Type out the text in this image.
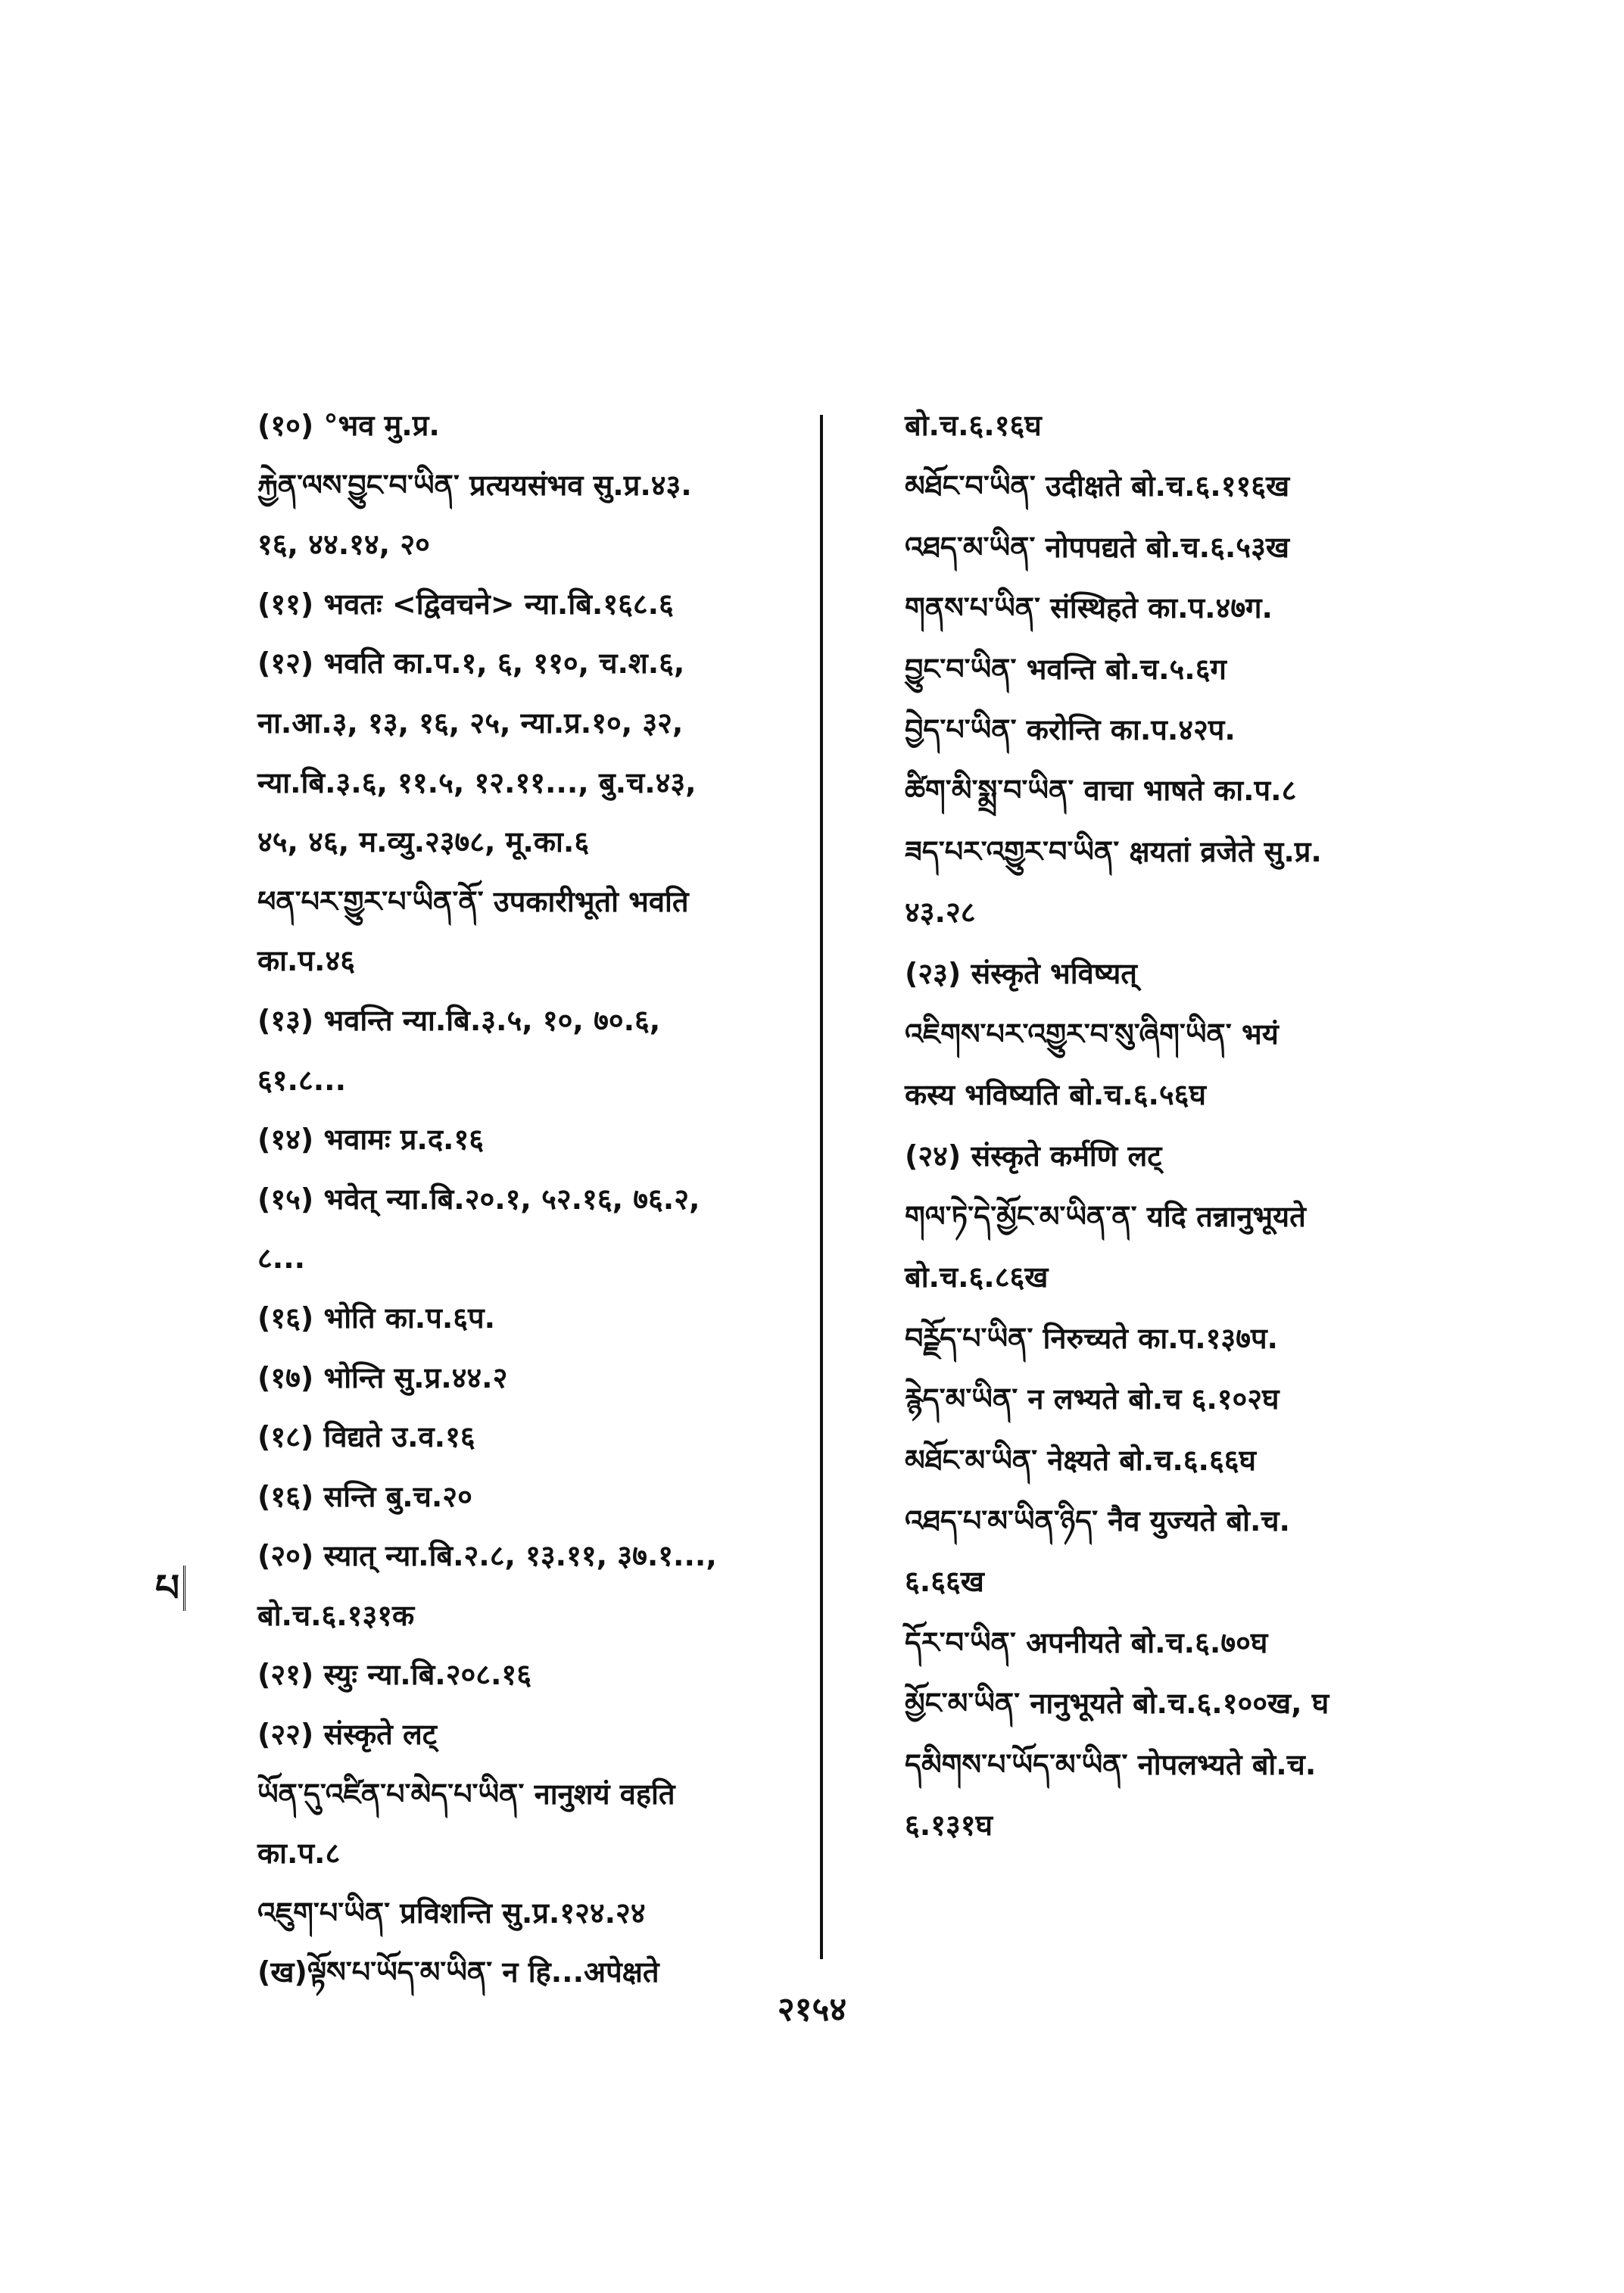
(१०) °भव मु.प्र.
རྐྱེན་ལས་བྱུང་བ་ཡིན་ प्रत्ययसंभव सु.प्र.४३.
१६, ४४.१४, २०
(११) भवतः <द्विवचने> न्या.बि.१६८.६
(१२) भवति का.प.१, ६, ११०, च.श.६,
ना.आ.३, १३, १६, २५, न्या.प्र.१०, ३२,
न्या.बि.३.६, ११.५, १२.११..., बु.च.४३,
४५, ४६, म.व्यु.२३७८, मू.का.६
ཕན་པར་གྱུར་པ་ཡིན་ནོ་ उपकारीभूतो भवति
का.प.४६
(१३) भवन्ति न्या.बि.३.५, १०, ७०.६,
६१.८...
(१४) भवामः प्र.द.१६
(१५) भवेत् न्या.बि.२०.१, ५२.१६, ७६.२,
८...
(१६) भोति का.प.६प.
(१७) भोन्ति सु.प्र.४४.२
(१८) विद्यते उ.व.१६
(१६) सन्ति बु.च.२०
(२०) स्यात् न्या.बि.२.८, १३.११, ३७.१...,
बो.च.६.१३१क
(२१) स्युः न्या.बि.२०८.१६
(२२) संस्कृते लट्
ཡོན་དུ་འཛིན་པ་མེད་པ་ཡིན་ नानुशयं वहति
का.प.८
འཇུག་པ་ཡིན་ प्रविशन्ति सु.प्र.१२४.२४
(ख)ལྟོས་པ་ཡོད་མ་ཡིན་ न हि...अपेक्षते
बो.च.६.१६घ
མཐོང་བ་ཡིན་ उदीक्षते बो.च.६.११६ख
འཐད་མ་ཡིན་ नोपपद्यते बो.च.६.५३ख
གནས་པ་ཡིན་ संस्थिहते का.प.४७ग.
བྱུང་བ་ཡིན་ भवन्ति बो.च.५.६ग
བྱེད་པ་ཡིན་ करोन्ति का.प.४२प.
ཚིག་མི་སྨྲ་བ་ཡིན་ वाचा भाषते का.प.८
ཟད་པར་འགྱུར་བ་ཡིན་ क्षयतां व्रजेते सु.प्र.
४३.२८
(२३) संस्कृते भविष्यत्
འཇིགས་པར་འགྱུར་བ་སུ་ཞིག་ཡིན་ भयं
कस्य भविष्यति बो.च.६.५६घ
(२४) संस्कृते कर्मणि लट्
གལ་ཏེ་དེ་མྱོང་མ་ཡིན་ན་ यदि तन्नानुभूयते
बो.च.६.८६ख
བཪྗོད་པ་ཡིན་ निरुच्यते का.प.१३७प.
རྙེད་མ་ཡིན་ न लभ्यते बो.च ६.१०२घ
མཐོང་མ་ཡིན་ नेक्ष्यते बो.च.६.६६घ
འཐད་པ་མ་ཡིན་ཉིད་ नैव युज्यते बो.च.
६.६६ख
དོར་བ་ཡིན་ अपनीयते बो.च.६.७०घ
མྱོང་མ་ཡིན་ नानुभूयते बो.च.६.१००ख, घ
དམིགས་པ་ཡོད་མ་ཡིན་ नोपलभ्यते बो.च.
६.१३१घ
པ
२१५४
